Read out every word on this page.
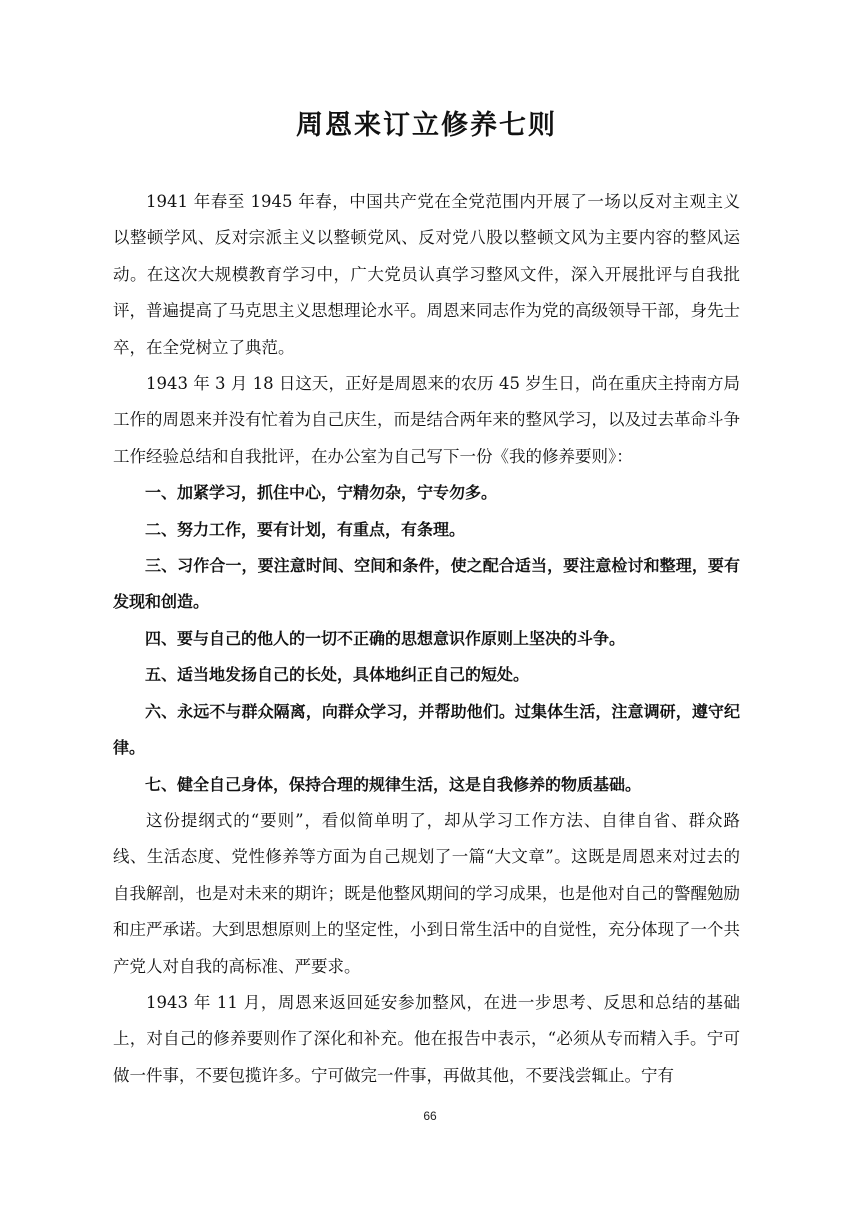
周恩来订立修养七则

1941 年春至 1945 年春，中国共产党在全党范围内开展了一场以反对主观主义以整顿学风、反对宗派主义以整顿党风、反对党八股以整顿文风为主要内容的整风运动。在这次大规模教育学习中，广大党员认真学习整风文件，深入开展批评与自我批评，普遍提高了马克思主义思想理论水平。周恩来同志作为党的高级领导干部，身先士卒，在全党树立了典范。

1943 年 3 月 18 日这天，正好是周恩来的农历 45 岁生日，尚在重庆主持南方局工作的周恩来并没有忙着为自己庆生，而是结合两年来的整风学习，以及过去革命斗争工作经验总结和自我批评，在办公室为自己写下一份《我的修养要则》：

一、加紧学习，抓住中心，宁精勿杂，宁专勿多。

二、努力工作，要有计划，有重点，有条理。

三、习作合一，要注意时间、空间和条件，使之配合适当，要注意检讨和整理，要有发现和创造。

四、要与自己的他人的一切不正确的思想意识作原则上坚决的斗争。

五、适当地发扬自己的长处，具体地纠正自己的短处。

六、永远不与群众隔离，向群众学习，并帮助他们。过集体生活，注意调研，遵守纪律。

七、健全自己身体，保持合理的规律生活，这是自我修养的物质基础。

这份提纲式的“要则”，看似简单明了，却从学习工作方法、自律自省、群众路线、生活态度、党性修养等方面为自己规划了一篇“大文章”。这既是周恩来对过去的自我解剖，也是对未来的期许；既是他整风期间的学习成果，也是他对自己的警醒勉励和庄严承诺。大到思想原则上的坚定性，小到日常生活中的自觉性，充分体现了一个共产党人对自我的高标准、严要求。

1943 年 11 月，周恩来返回延安参加整风，在进一步思考、反思和总结的基础上，对自己的修养要则作了深化和补充。他在报告中表示，“必须从专而精入手。宁可做一件事，不要包揽许多。宁可做完一件事，再做其他，不要浅尝辄止。宁有

66
